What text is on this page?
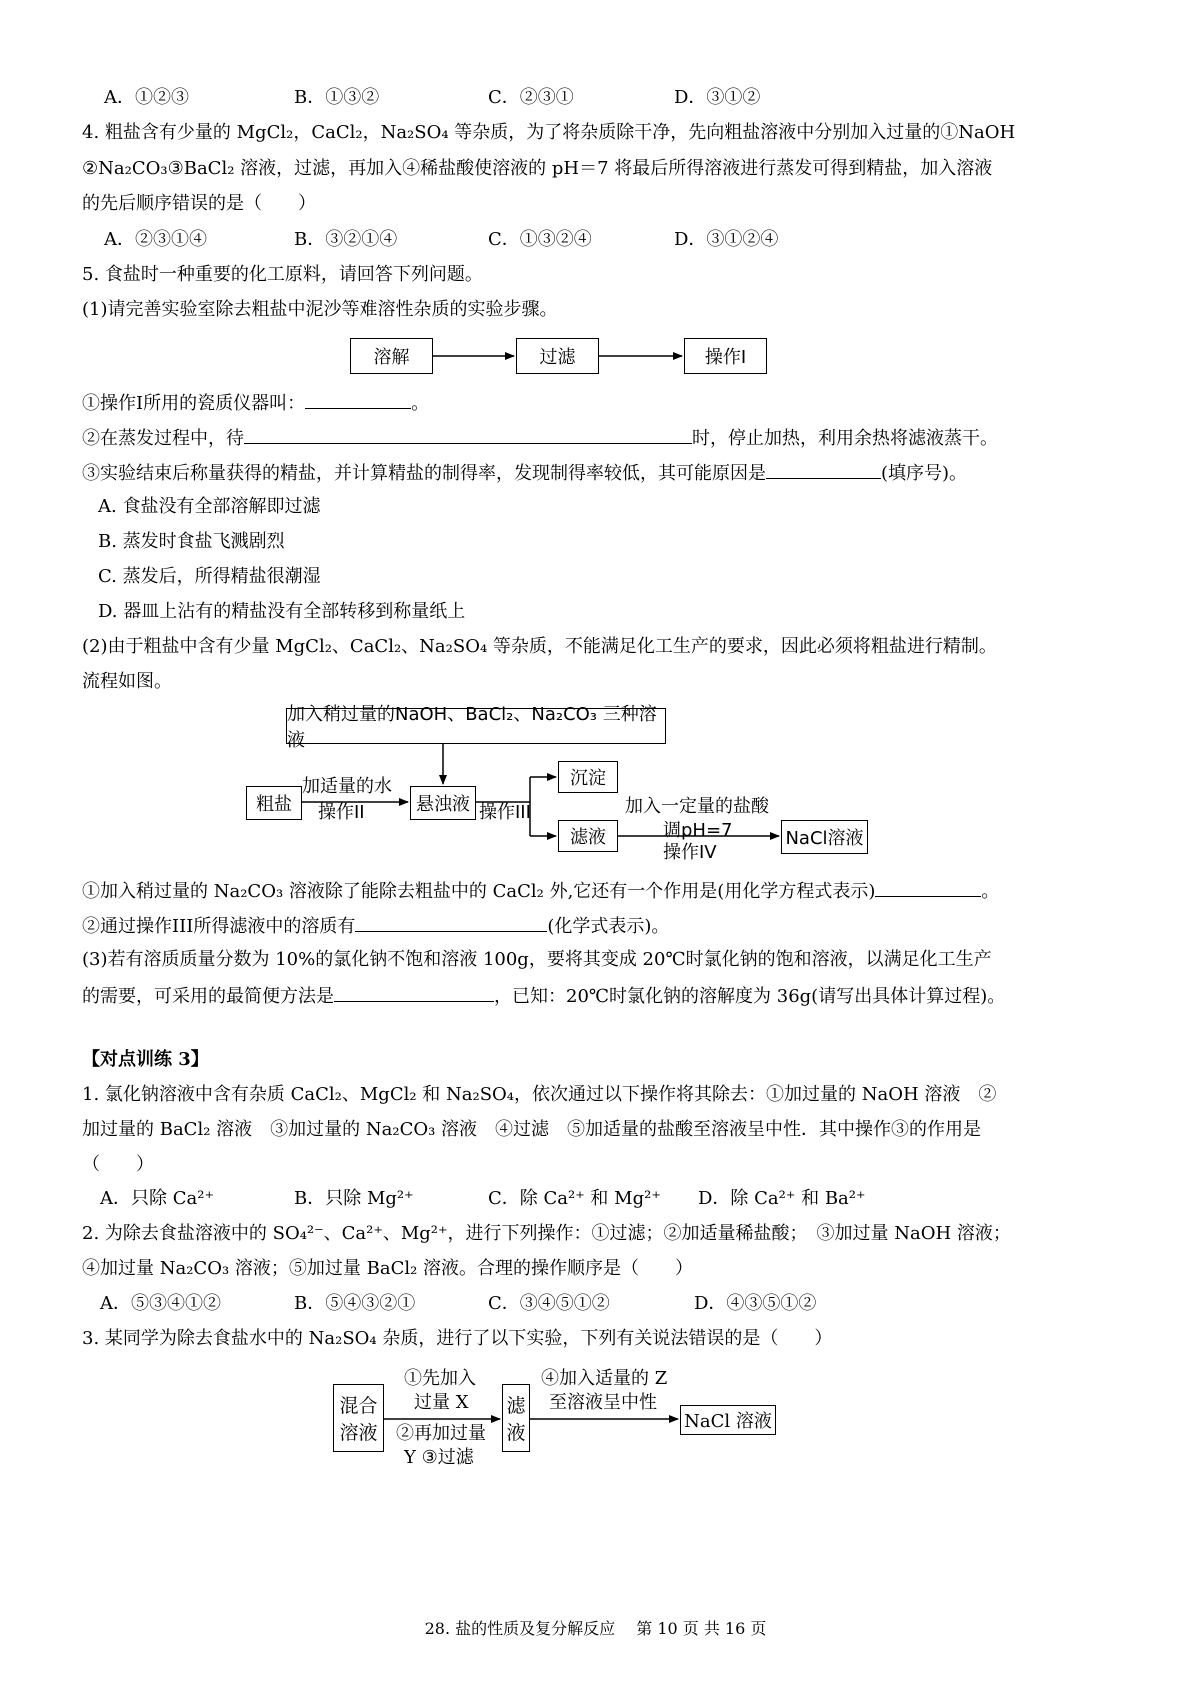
A．①②③	B．①③②	C．②③①	D．③①②
4. 粗盐含有少量的 MgCl₂，CaCl₂，Na₂SO₄ 等杂质，为了将杂质除干净，先向粗盐溶液中分别加入过量的①NaOH
②Na₂CO₃③BaCl₂ 溶液，过滤，再加入④稀盐酸使溶液的 pH＝7 将最后所得溶液进行蒸发可得到精盐，加入溶液
的先后顺序错误的是（　　）
A．②③①④	B．③②①④	C．①③②④	D．③①②④
5. 食盐时一种重要的化工原料，请回答下列问题。
(1)请完善实验室除去粗盐中泥沙等难溶性杂质的实验步骤。
溶解	过滤	操作I
①操作I所用的瓷质仪器叫：	。
②在蒸发过程中，待	时，停止加热，利用余热将滤液蒸干。
③实验结束后称量获得的精盐，并计算精盐的制得率，发现制得率较低，其可能原因是	(填序号)。
A. 食盐没有全部溶解即过滤
B. 蒸发时食盐飞溅剧烈
C. 蒸发后，所得精盐很潮湿
D. 器皿上沾有的精盐没有全部转移到称量纸上
(2)由于粗盐中含有少量 MgCl₂、CaCl₂、Na₂SO₄ 等杂质，不能满足化工生产的要求，因此必须将粗盐进行精制。
流程如图。
加入稍过量的NaOH、BaCl₂、Na₂CO₃ 三种溶液
粗盐
加适量的水
操作II	悬浊液 操作III
沉淀
滤液
加入一定量的盐酸
调pH=7
操作IV
NaCl溶液
①加入稍过量的 Na₂CO₃ 溶液除了能除去粗盐中的 CaCl₂ 外,它还有一个作用是(用化学方程式表示)	。
②通过操作III所得滤液中的溶质有	(化学式表示)。
(3)若有溶质质量分数为 10%的氯化钠不饱和溶液 100g，要将其变成 20℃时氯化钠的饱和溶液，以满足化工生产
的需要，可采用的最简便方法是	，已知：20℃时氯化钠的溶解度为 36g(请写出具体计算过程)。
【对点训练 3】
1. 氯化钠溶液中含有杂质 CaCl₂、MgCl₂ 和 Na₂SO₄，依次通过以下操作将其除去：①加过量的 NaOH 溶液　②
加过量的 BaCl₂ 溶液　③加过量的 Na₂CO₃ 溶液　④过滤　⑤加适量的盐酸至溶液呈中性．其中操作③的作用是
（　　）
A．只除 Ca²⁺	B．只除 Mg²⁺	C．除 Ca²⁺ 和 Mg²⁺ D．除 Ca²⁺ 和 Ba²⁺
2. 为除去食盐溶液中的 SO₄²⁻、Ca²⁺、Mg²⁺，进行下列操作：①过滤；②加适量稀盐酸；　③加过量 NaOH 溶液；
④加过量 Na₂CO₃ 溶液；⑤加过量 BaCl₂ 溶液。合理的操作顺序是（　　）
A．⑤③④①②	B．⑤④③②①	C．③④⑤①②	D．④③⑤①②
3. 某同学为除去食盐水中的 Na₂SO₄ 杂质，进行了以下实验，下列有关说法错误的是（　　）
混合
溶液
①先加入
过量 X
②再加过量
Y ③过滤
滤
液
④加入适量的 Z
至溶液呈中性
NaCl 溶液
28. 盐的性质及复分解反应　 第 10 页 共 16 页
